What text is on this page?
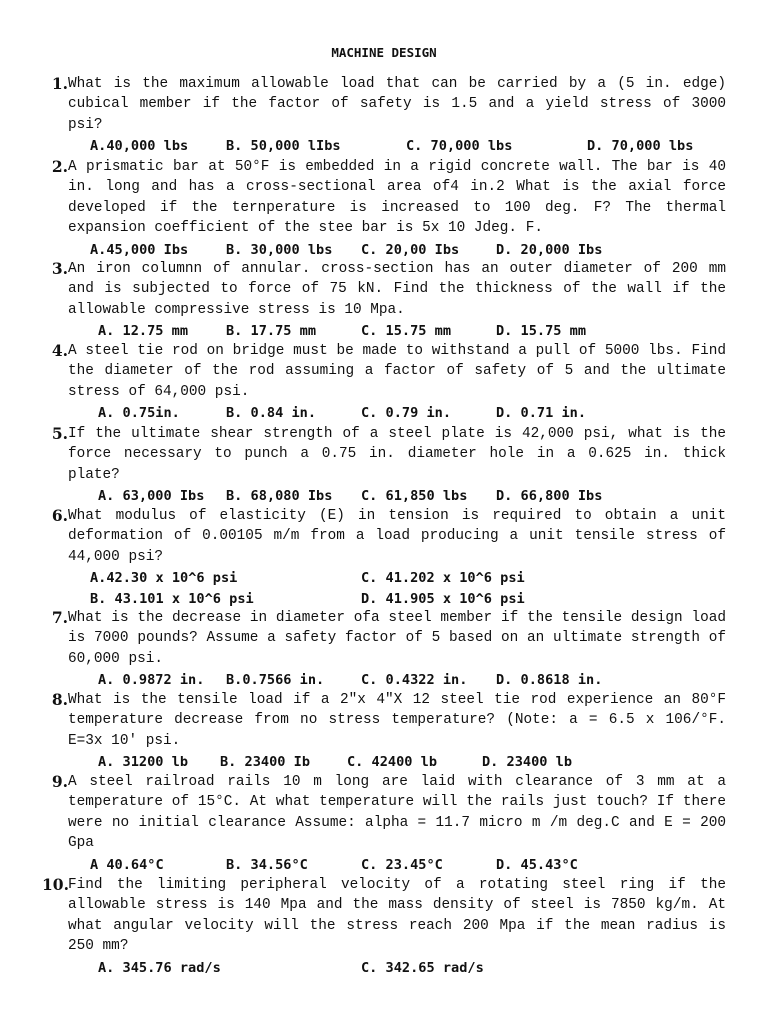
MACHINE DESIGN
1. What is the maximum allowable load that can be carried by a (5 in. edge) cubical member if the factor of safety is 1.5 and a yield stress of 3000 psi?
A.40,000 lbs	B. 50,000 lIbs	C. 70,000 lbs	D. 70,000 lbs
2. A prismatic bar at 50°F is embedded in a rigid concrete wall. The bar is 40 in. long and has a cross-sectional area of4 in.2 What is the axial force developed if the ternperature is increased to 100 deg. F? The thermal expansion coefficient of the stee bar is 5x 10 Jdeg. F.
A.45,000 Ibs	B. 30,000 lbs C. 20,00 Ibs	D. 20,000 Ibs
3. An iron columnn of annular. cross-section has an outer diameter of 200 mm and is subjected to force of 75 kN. Find the thickness of the wall if the allowable compressive stress is 10 Mpa.
A. 12.75 mm	B. 17.75 mm	C. 15.75 mm	D. 15.75 mm
4. A steel tie rod on bridge must be made to withstand a pull of 5000 lbs. Find the diameter of the rod assuming a factor of safety of 5 and the ultimate stress of 64,000 psi.
A. 0.75in.	B. 0.84 in.	C. 0.79 in.	D. 0.71 in.
5. If the ultimate shear strength of a steel plate is 42,000 psi, what is the force necessary to punch a 0.75 in. diameter hole in a 0.625 in. thick plate?
A. 63,000 Ibs B. 68,080 Ibs C. 61,850 lbs D. 66,800 Ibs
6. What modulus of elasticity (E) in tension is required to obtain a unit deformation of 0.00105 m/m from a load producing a unit tensile stress of 44,000 psi?
A.42.30 x 10^6 psi	C. 41.202 x 10^6 psi
B. 43.101 x 10^6 psi	D. 41.905 x 10^6 psi
7. What is the decrease in diameter ofa steel member if the tensile design load is 7000 pounds? Assume a safety factor of 5 based on an ultimate strength of 60,000 psi.
A. 0.9872 in. B.0.7566 in.	C. 0.4322 in. D. 0.8618 in.
8. What is the tensile load if a 2"x 4"X 12 steel tie rod experience an 80°F temperature decrease from no stress temperature? (Note: a = 6.5 x 106/°F. E=3x 10' psi.
A. 31200 lb B. 23400 Ib	C. 42400 lb	D. 23400 lb
9. A steel railroad rails 10 m long are laid with clearance of 3 mm at a temperature of 15°C. At what temperature will the rails just touch? If there were no initial clearance Assume: alpha = 11.7 micro m /m deg.C and E = 200 Gpa
A 40.64°C	B. 34.56°C	C. 23.45°C	D. 45.43°C
10. Find the limiting peripheral velocity of a rotating steel ring if the allowable stress is 140 Mpa and the mass density of steel is 7850 kg/m. At what angular velocity will the stress reach 200 Mpa if the mean radius is 250 mm?
A. 345.76 rad/s	C. 342.65 rad/s
